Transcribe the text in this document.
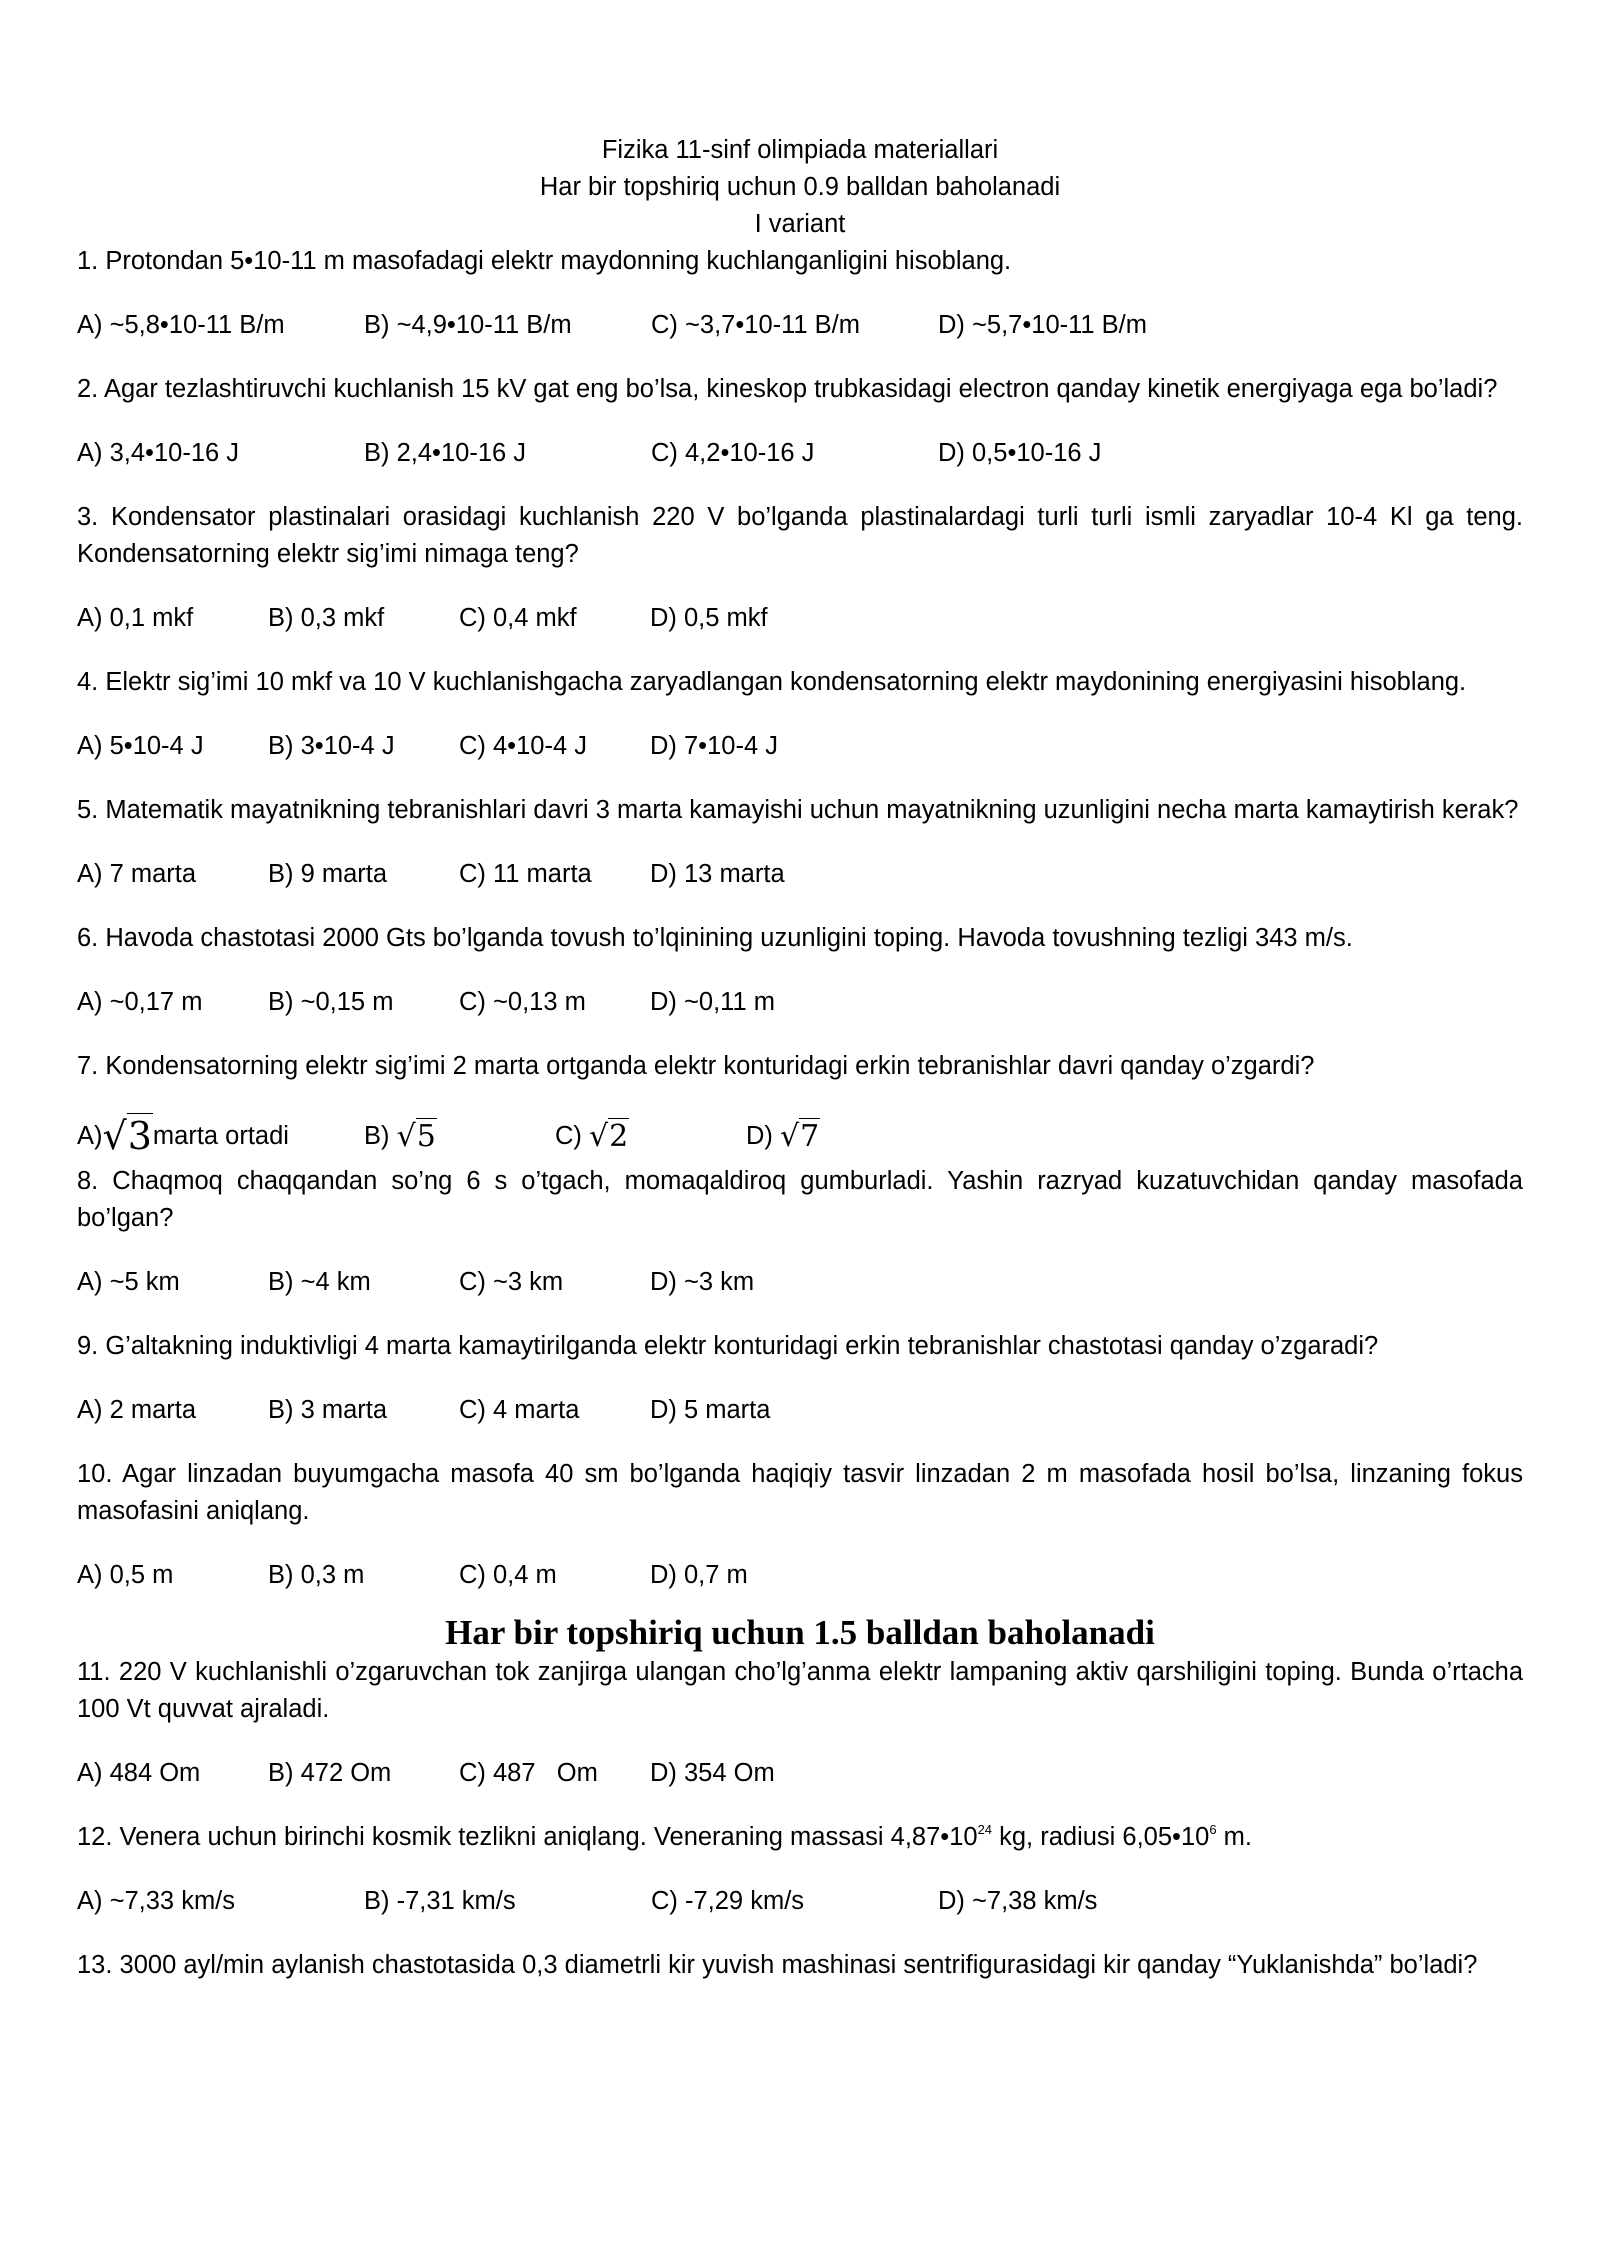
Fizika 11-sinf olimpiada materiallari
Har bir topshiriq uchun 0.9 balldan baholanadi
I variant

1. Protondan 5•10-11 m masofadagi elektr maydonning kuchlanganligini hisoblang.

A) ~5,8•10-11 B/m	B) ~4,9•10-11 B/m	C) ~3,7•10-11 B/m	D) ~5,7•10-11 B/m

2. Agar tezlashtiruvchi kuchlanish 15 kV gat eng bo’lsa, kineskop trubkasidagi electron qanday kinetik energiyaga ega bo’ladi?

A) 3,4•10-16 J	B) 2,4•10-16 J	C) 4,2•10-16 J	D) 0,5•10-16 J

3. Kondensator plastinalari orasidagi kuchlanish 220 V bo’lganda plastinalardagi turli turli ismli zaryadlar 10-4 Kl ga teng. Kondensatorning elektr sig’imi nimaga teng?

A) 0,1 mkf	B) 0,3 mkf	C) 0,4 mkf	D) 0,5 mkf

4. Elektr sig’imi 10 mkf va 10 V kuchlanishgacha zaryadlangan kondensatorning elektr maydonining energiyasini hisoblang.

A) 5•10-4 J	B) 3•10-4 J	C) 4•10-4 J	D) 7•10-4 J

5. Matematik mayatnikning tebranishlari davri 3 marta kamayishi uchun mayatnikning uzunligini necha marta kamaytirish kerak?

A) 7 marta	B) 9 marta	C) 11 marta	D) 13 marta

6. Havoda chastotasi 2000 Gts bo’lganda tovush to’lqinining uzunligini toping. Havoda tovushning tezligi 343 m/s.

A) ~0,17 m	B) ~0,15 m	C) ~0,13 m	D) ~0,11 m

7. Kondensatorning elektr sig’imi 2 marta ortganda elektr konturidagi erkin tebranishlar davri qanday o’zgardi?

A) √3 marta ortadi	B)
√5	C)
√2	D)
√7

8. Chaqmoq chaqqandan so’ng 6 s o’tgach, momaqaldiroq gumburladi. Yashin razryad kuzatuvchidan qanday masofada bo’lgan?

A) ~5 km	B) ~4 km	C) ~3 km	D) ~3 km

9. G’altakning induktivligi 4 marta kamaytirilganda elektr konturidagi erkin tebranishlar chastotasi qanday o’zgaradi?

A) 2 marta	B) 3 marta	C) 4 marta	D) 5 marta

10. Agar linzadan buyumgacha masofa 40 sm bo’lganda haqiqiy tasvir linzadan 2 m masofada hosil bo’lsa, linzaning fokus masofasini aniqlang.

A) 0,5 m	B) 0,3 m	C) 0,4 m	D) 0,7 m
Har bir topshiriq uchun 1.5 balldan baholanadi

11. 220 V kuchlanishli o’zgaruvchan tok zanjirga ulangan cho’lg’anma elektr lampaning aktiv qarshiligini toping. Bunda o’rtacha 100 Vt quvvat ajraladi.

A) 484 Om	B) 472 Om	C) 487   Om	D) 354 Om

12. Venera uchun birinchi kosmik tezlikni aniqlang. Veneraning massasi $4,87•10^{24}$ kg, radiusi $6,05•10^6$ m.

A) ~7,33 km/s	B) -7,31 km/s	C) -7,29 km/s	D) ~7,38 km/s

13. 3000 ayl/min aylanish chastotasida 0,3 diametrli kir yuvish mashinasi sentrifigurasidagi kir qanday “Yuklanishda” bo’ladi?
